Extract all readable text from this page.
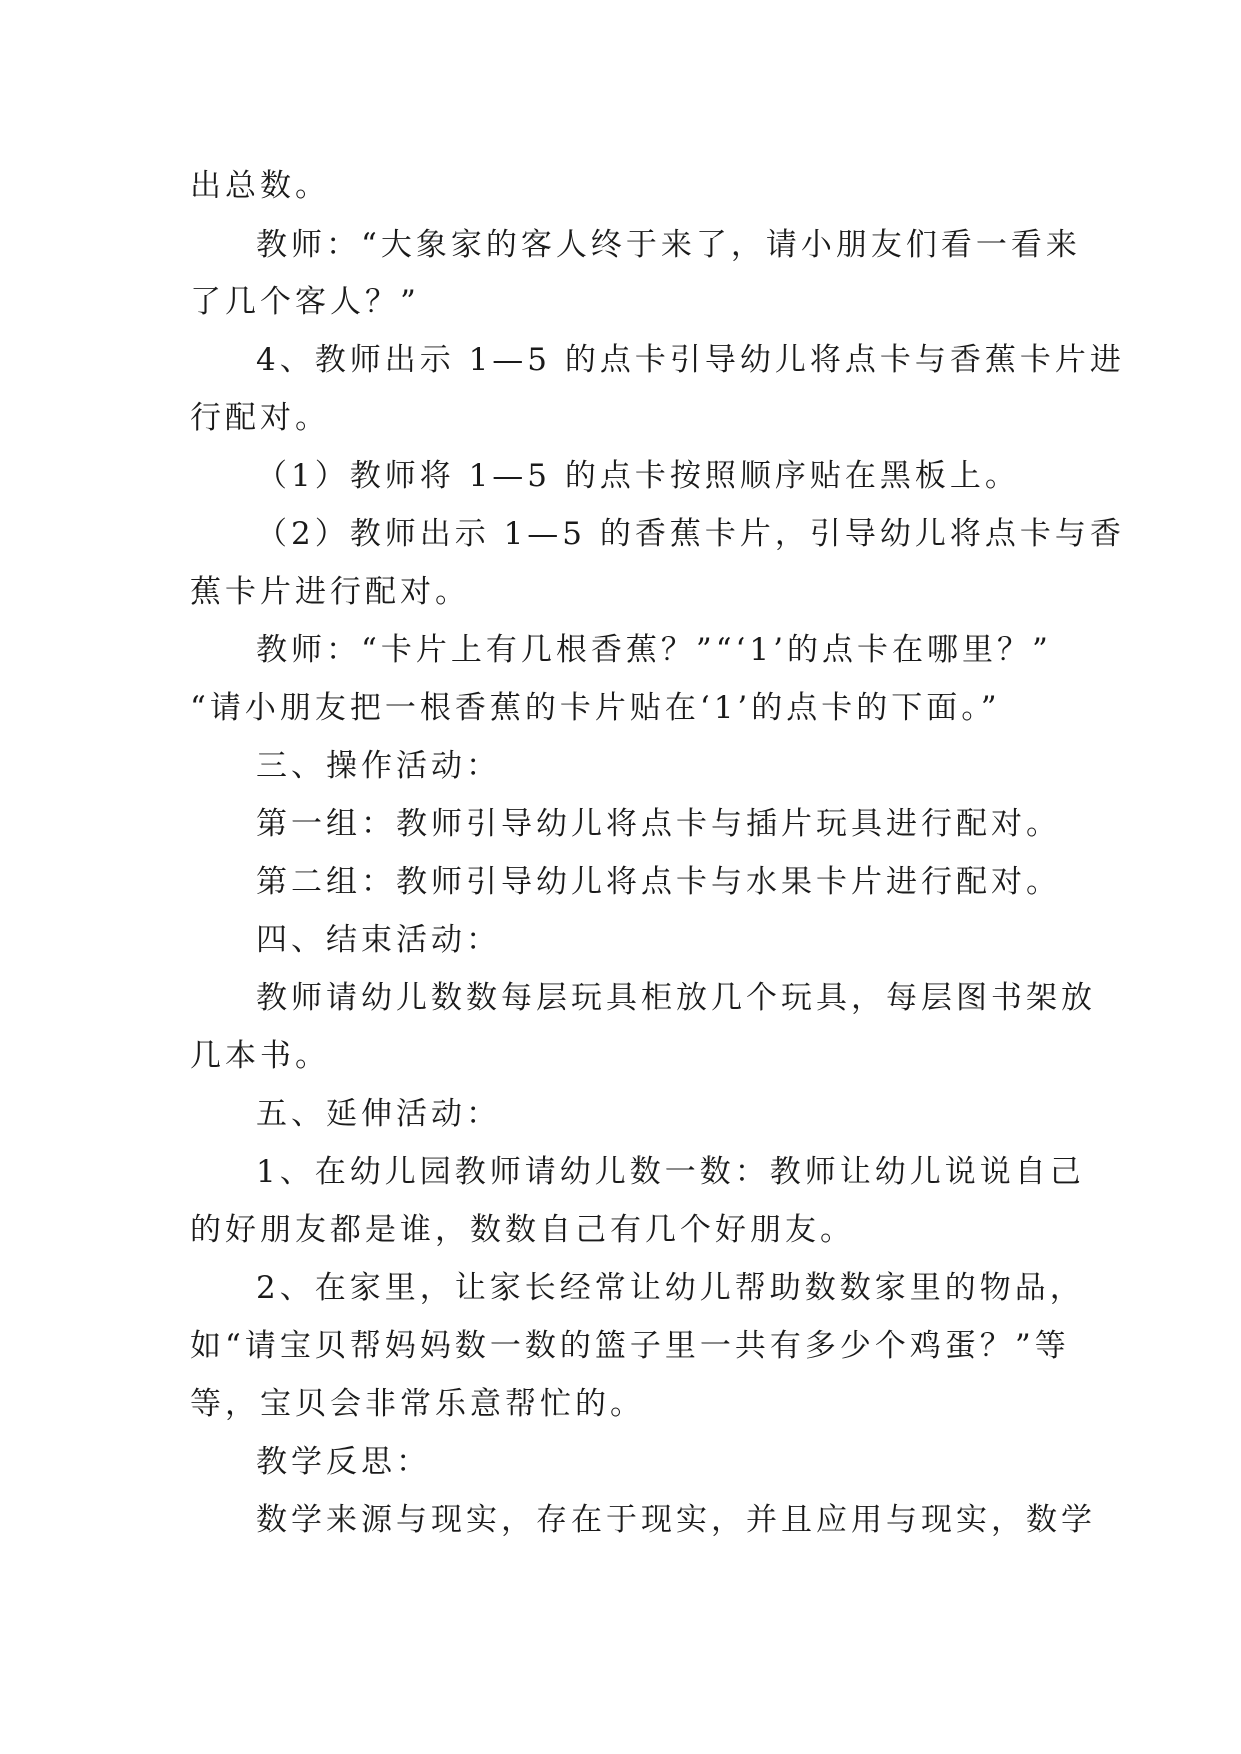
出总数。

教师：“大象家的客人终于来了，请小朋友们看一看来

了几个客人？”

4、教师出示 1—5 的点卡引导幼儿将点卡与香蕉卡片进

行配对。

（1）教师将 1—5 的点卡按照顺序贴在黑板上。

（2）教师出示 1—5 的香蕉卡片，引导幼儿将点卡与香

蕉卡片进行配对。

教师：“卡片上有几根香蕉？”“‘1’的点卡在哪里？”

“请小朋友把一根香蕉的卡片贴在‘1’的点卡的下面。”

三、操作活动：

第一组：教师引导幼儿将点卡与插片玩具进行配对。

第二组：教师引导幼儿将点卡与水果卡片进行配对。

四、结束活动：

教师请幼儿数数每层玩具柜放几个玩具，每层图书架放

几本书。

五、延伸活动：

1、在幼儿园教师请幼儿数一数：教师让幼儿说说自己

的好朋友都是谁，数数自己有几个好朋友。

2、在家里，让家长经常让幼儿帮助数数家里的物品，

如“请宝贝帮妈妈数一数的篮子里一共有多少个鸡蛋？”等

等，宝贝会非常乐意帮忙的。

教学反思：

数学来源与现实，存在于现实，并且应用与现实，数学
